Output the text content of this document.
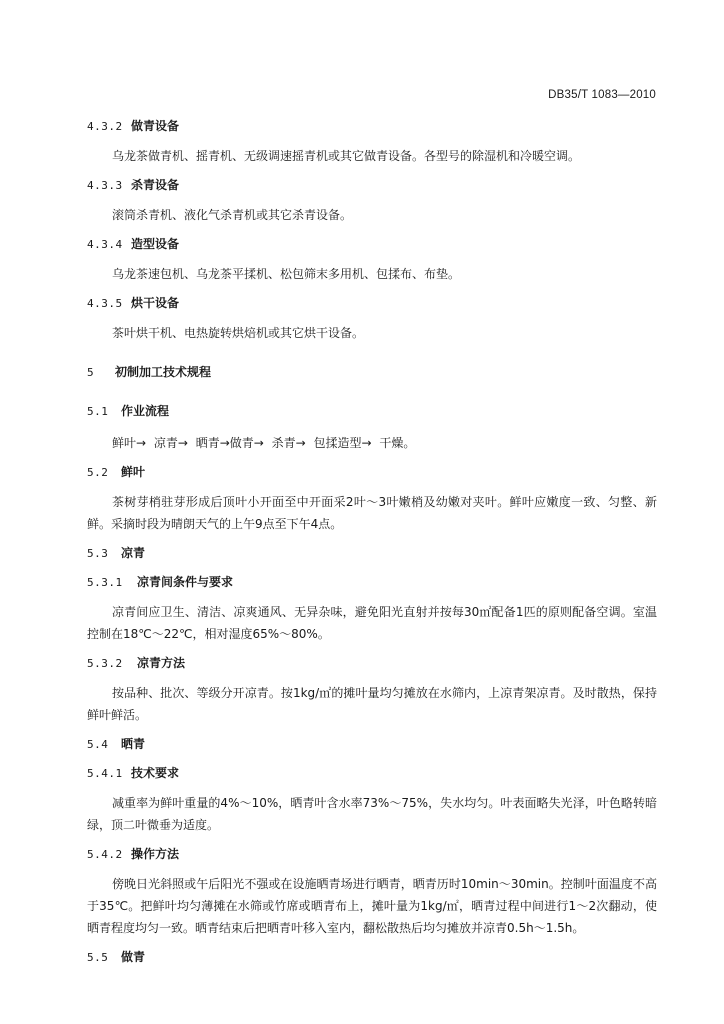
DB35/T 1083—2010
4.3.2 做青设备

乌龙茶做青机、摇青机、无级调速摇青机或其它做青设备。各型号的除湿机和冷暖空调。

4.3.3 杀青设备

滚筒杀青机、液化气杀青机或其它杀青设备。

4.3.4 造型设备

乌龙茶速包机、乌龙茶平揉机、松包筛末多用机、包揉布、布垫。

4.3.5 烘干设备

茶叶烘干机、电热旋转烘焙机或其它烘干设备。

5 初制加工技术规程
5.1 作业流程

鲜叶→ 凉青→ 晒青→做青→ 杀青→ 包揉造型→ 干燥。

5.2 鲜叶

茶树芽梢驻芽形成后顶叶小开面至中开面采2叶～3叶嫩梢及幼嫩对夹叶。鲜叶应嫩度一致、匀整、新鲜。采摘时段为晴朗天气的上午9点至下午4点。

5.3 凉青
5.3.1 凉青间条件与要求

凉青间应卫生、清洁、凉爽通风、无异杂味，避免阳光直射并按每30㎡配备1匹的原则配备空调。室温控制在18℃～22℃，相对湿度65%～80%。

5.3.2 凉青方法

按品种、批次、等级分开凉青。按1kg/㎡的摊叶量均匀摊放在水筛内，上凉青架凉青。及时散热，保持鲜叶鲜活。

5.4 晒青
5.4.1 技术要求

减重率为鲜叶重量的4%～10%，晒青叶含水率73%～75%，失水均匀。叶表面略失光泽，叶色略转暗绿，顶二叶微垂为适度。

5.4.2 操作方法

傍晚日光斜照或午后阳光不强或在设施晒青场进行晒青，晒青历时10min～30min。控制叶面温度不高于35℃。把鲜叶均匀薄摊在水筛或竹席或晒青布上，摊叶量为1kg/㎡，晒青过程中间进行1～2次翻动，使晒青程度均匀一致。晒青结束后把晒青叶移入室内，翻松散热后均匀摊放并凉青0.5h～1.5h。

5.5 做青
